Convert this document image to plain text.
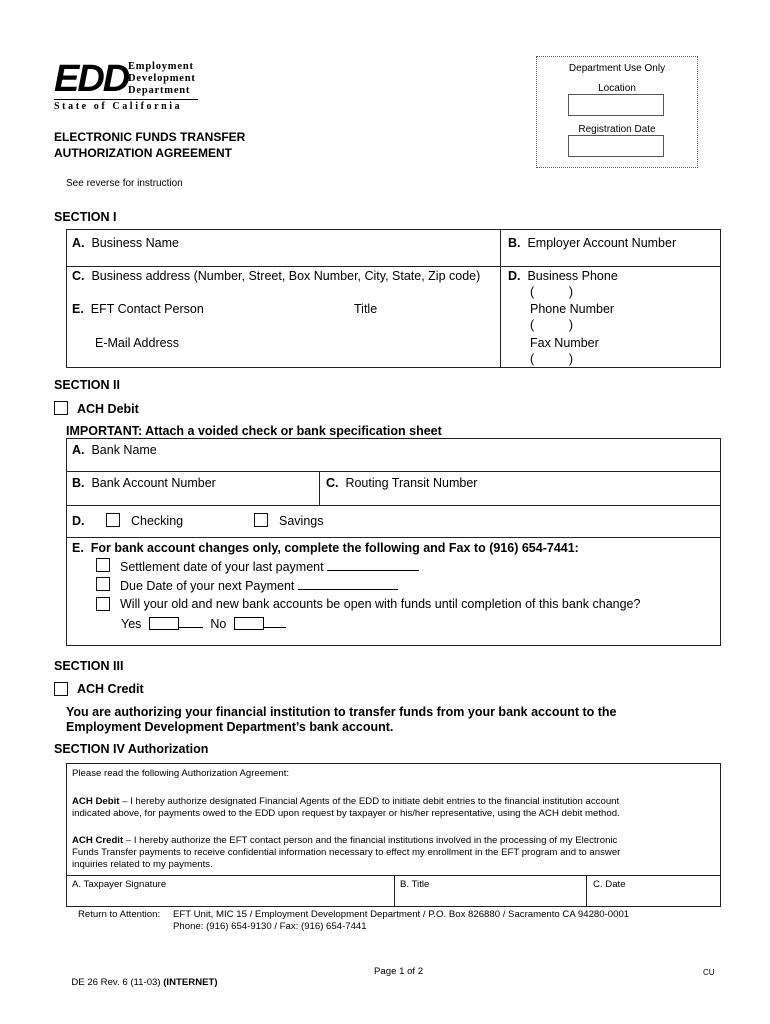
EDD Employment
Development
Department
State of California
ELECTRONIC FUNDS TRANSFER
AUTHORIZATION AGREEMENT
See reverse for instruction
Department Use Only
Location
Registration Date
SECTION I
A. Business Name	B. Employer Account Number
C. Business address (Number, Street, Box Number, City, State, Zip code) D. Business Phone
(          )
E. EFT Contact Person	Title	Phone Number
(          )
E-Mail Address	Fax Number
(          )
SECTION II
ACH Debit
IMPORTANT: Attach a voided check or bank specification sheet
A. Bank Name
B. Bank Account Number	C. Routing Transit Number
D.	Checking	Savings
E. For bank account changes only, complete the following and Fax to (916) 654-7441:
Settlement date of your last payment
Due Date of your next Payment
Will your old and new bank accounts be open with funds until completion of this bank change?
Yes	No
SECTION III
ACH Credit
You are authorizing your financial institution to transfer funds from your bank account to the
Employment Development Department’s bank account.
SECTION IV Authorization
Please read the following Authorization Agreement:
ACH Debit – I hereby authorize designated Financial Agents of the EDD to initiate debit entries to the financial institution account
indicated above, for payments owed to the EDD upon request by taxpayer or his/her representative, using the ACH debit method.
ACH Credit – I hereby authorize the EFT contact person and the financial institutions involved in the processing of my Electronic
Funds Transfer payments to receive confidential information necessary to effect my enrollment in the EFT program and to answer
inquiries related to my payments.
A. Taxpayer Signature	B. Title	C. Date
Return to Attention: EFT Unit, MIC 15 / Employment Development Department / P.O. Box 826880 / Sacramento CA 94280-0001
Phone: (916) 654-9130 / Fax: (916) 654-7441

DE 26 Rev. 6 (11-03) (INTERNET)

Page 1 of 2	CU
